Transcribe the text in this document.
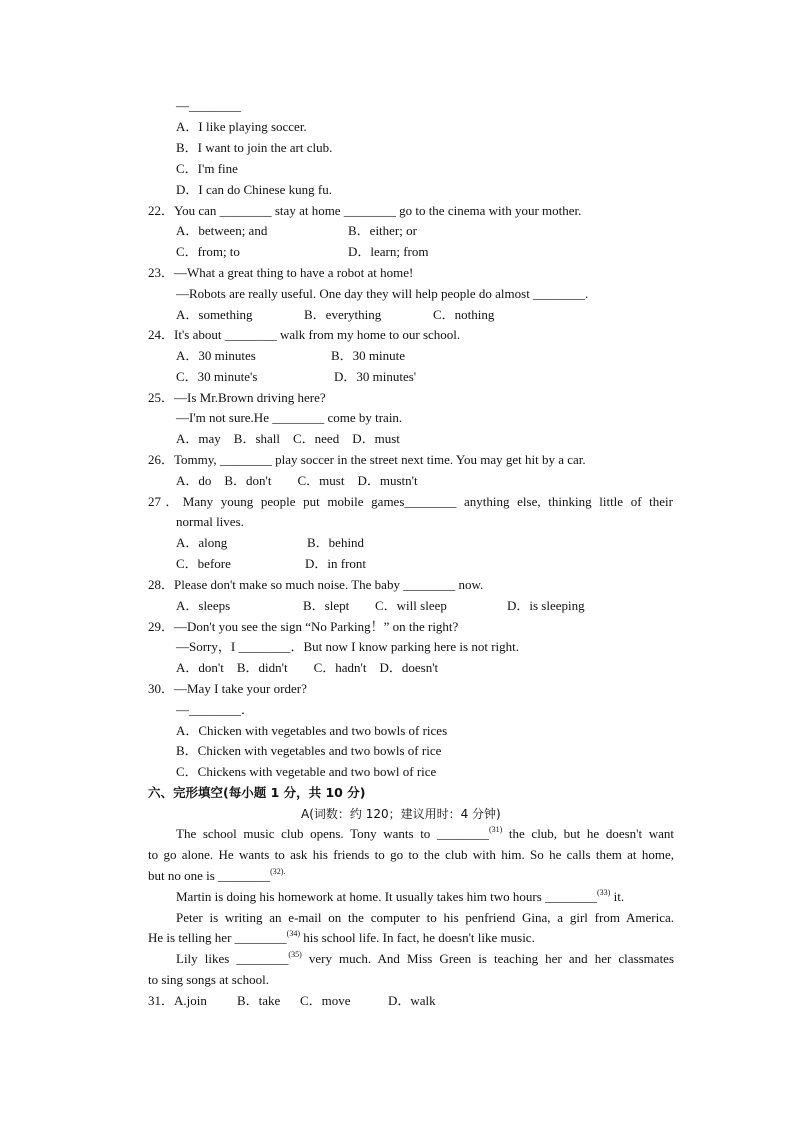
—________
A．I like playing soccer.
B．I want to join the art club.
C．I'm fine
D．I can do Chinese kung fu.
22．You can ________ stay at home ________ go to the cinema with your mother.
A．between; and	B．either; or
C．from; to	D．learn; from
23．—What a great thing to have a robot at home!
—Robots are really useful. One day they will help people do almost ________.
A．something	B．everything	C．nothing
24．It's about ________ walk from my home to our school.
A．30 minutes	B．30 minute
C．30 minute's	D．30 minutes'
25．—Is Mr.Brown driving here?
—I'm not sure.He ________ come by train.
A．may　B．shall　C．need　D．must
26．Tommy, ________ play soccer in the street next time. You may get hit by a car.
A．do　B．don't　　C．must　D．mustn't
27．Many young people put mobile games________ anything else, thinking little of their
normal lives.
A．along	B．behind
C．before	D．in front
28．Please don't make so much noise. The baby ________ now.
A．sleeps	B．slept C．will sleep	D．is sleeping
29．—Don't you see the sign “No Parking！” on the right?
—Sorry，I ________．But now I know parking here is not right.
A．don't　B．didn't　　C．hadn't　D．doesn't
30．—May I take your order?
—________．
A．Chicken with vegetables and two bowls of rices
B．Chicken with vegetables and two bowls of rice
C．Chickens with vegetable and two bowl of rice
六、完形填空(每小题 1 分，共 10 分)
A(词数：约 120；建议用时：4 分钟)
The school music club opens. Tony wants to ________$^{(31)}$ the club, but he doesn't want
to go alone. He wants to ask his friends to go to the club with him. So he calls them at home,
but no one is ________$^{(32).}$
Martin is doing his homework at home. It usually takes him two hours ________$^{(33)}$ it.
Peter is writing an e-mail on the computer to his penfriend Gina, a girl from America.
He is telling her ________$^{(34)}$ his school life. In fact, he doesn't like music.
Lily likes ________$^{(35)}$ very much. And Miss Green is teaching her and her classmates
to sing songs at school.
31．A.join B．take C．move	D．walk
